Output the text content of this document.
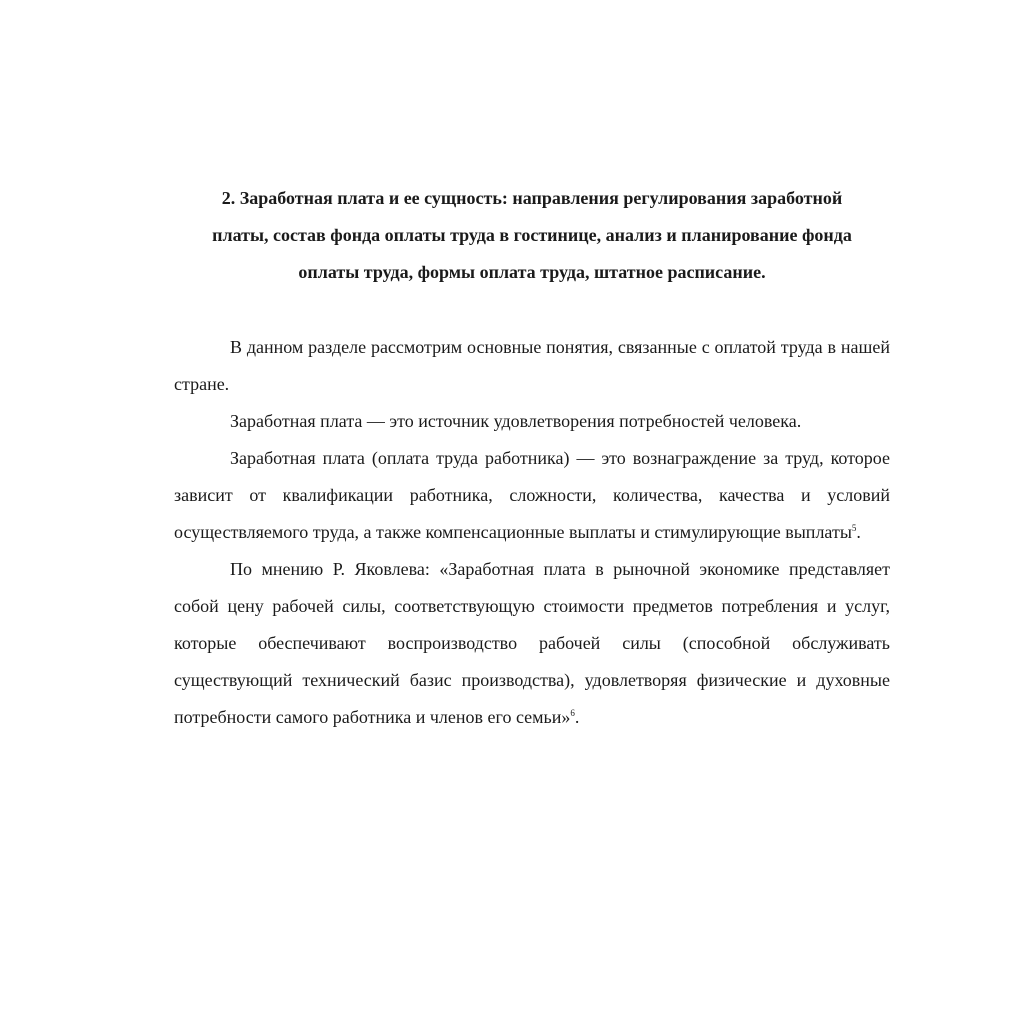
2. Заработная плата и ее сущность: направления регулирования заработной платы, состав фонда оплаты труда в гостинице, анализ и планирование фонда оплаты труда, формы оплата труда, штатное расписание.

В данном разделе рассмотрим основные понятия, связанные с оплатой труда в нашей стране.

Заработная плата — это источник удовлетворения потребностей человека.

Заработная плата (оплата труда работника) — это вознаграждение за труд, которое зависит от квалификации работника, сложности, количества, качества и условий осуществляемого труда, а также компенсационные выплаты и стимулирующие выплаты$^5$.

По мнению Р. Яковлева: «Заработная плата в рыночной экономике представляет собой цену рабочей силы, соответствующую стоимости предметов потребления и услуг, которые обеспечивают воспроизводство рабочей силы (способной обслуживать существующий технический базис производства), удовлетворяя физические и духовные потребности самого работника и членов его семьи»$^6$.
